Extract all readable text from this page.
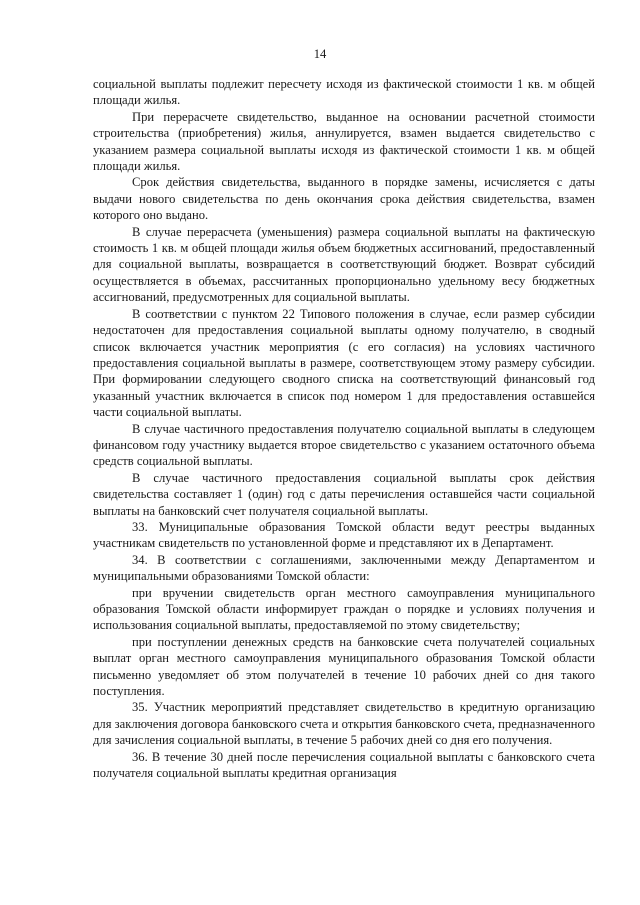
14

социальной выплаты подлежит пересчету исходя из фактической стоимости 1 кв. м общей площади жилья.

При перерасчете свидетельство, выданное на основании расчетной стоимости строительства (приобретения) жилья, аннулируется, взамен выдается свидетельство с указанием размера социальной выплаты исходя из фактической стоимости 1 кв. м общей площади жилья.

Срок действия свидетельства, выданного в порядке замены, исчисляется с даты выдачи нового свидетельства по день окончания срока действия свидетельства, взамен которого оно выдано.

В случае перерасчета (уменьшения) размера социальной выплаты на фактическую стоимость 1 кв. м общей площади жилья объем бюджетных ассигнований, предоставленный для социальной выплаты, возвращается в соответствующий бюджет. Возврат субсидий осуществляется в объемах, рассчитанных пропорционально удельному весу бюджетных ассигнований, предусмотренных для социальной выплаты.

В соответствии с пунктом 22 Типового положения в случае, если размер субсидии недостаточен для предоставления социальной выплаты одному получателю, в сводный список включается участник мероприятия (с его согласия) на условиях частичного предоставления социальной выплаты в размере, соответствующем этому размеру субсидии. При формировании следующего сводного списка на соответствующий финансовый год указанный участник включается в список под номером 1 для предоставления оставшейся части социальной выплаты.

В случае частичного предоставления получателю социальной выплаты в следующем финансовом году участнику выдается второе свидетельство с указанием остаточного объема средств социальной выплаты.

В случае частичного предоставления социальной выплаты срок действия свидетельства составляет 1 (один) год с даты перечисления оставшейся части социальной выплаты на банковский счет получателя социальной выплаты.

33. Муниципальные образования Томской области ведут реестры выданных участникам свидетельств по установленной форме и представляют их в Департамент.

34. В соответствии с соглашениями, заключенными между Департаментом и муниципальными образованиями Томской области:

при вручении свидетельств орган местного самоуправления муниципального образования Томской области информирует граждан о порядке и условиях получения и использования социальной выплаты, предоставляемой по этому свидетельству;

при поступлении денежных средств на банковские счета получателей социальных выплат орган местного самоуправления муниципального образования Томской области письменно уведомляет об этом получателей в течение 10 рабочих дней со дня такого поступления.

35. Участник мероприятий представляет свидетельство в кредитную организацию для заключения договора банковского счета и открытия банковского счета, предназначенного для зачисления социальной выплаты, в течение 5 рабочих дней со дня его получения.

36. В течение 30 дней после перечисления социальной выплаты с банковского счета получателя социальной выплаты кредитная организация
